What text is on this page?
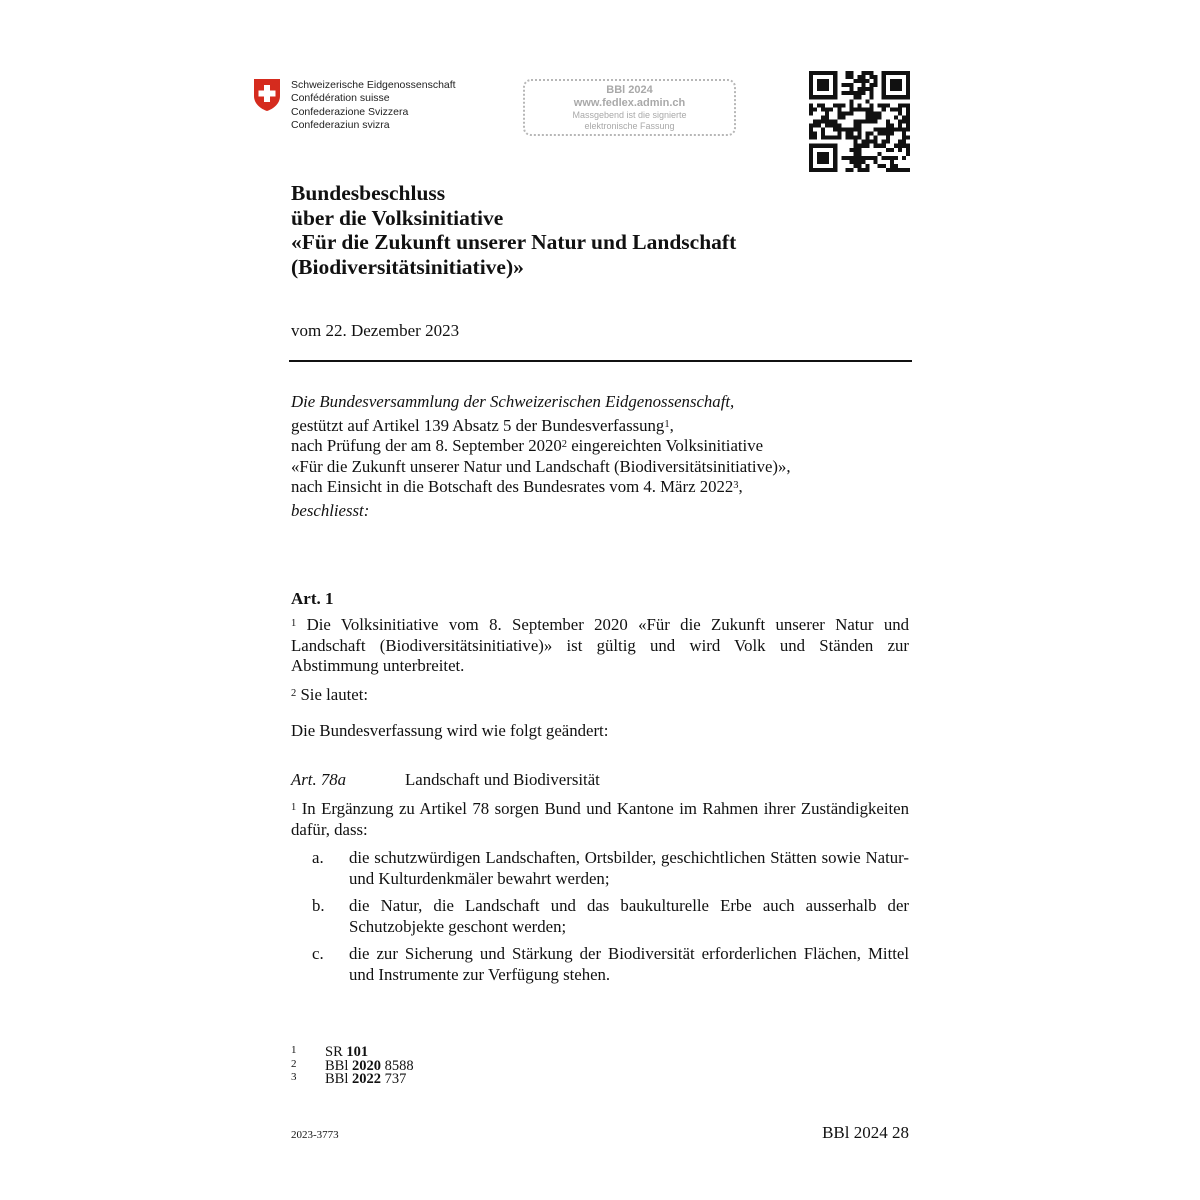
Schweizerische Eidgenossenschaft
Confédération suisse
Confederazione Svizzera
Confederaziun svizra
BBl 2024
www.fedlex.admin.ch
Massgebend ist die signierte
elektronische Fassung
Bundesbeschluss
über die Volksinitiative
«Für die Zukunft unserer Natur und Landschaft
(Biodiversitätsinitiative)»
vom 22. Dezember 2023
Die Bundesversammlung der Schweizerischen Eidgenossenschaft,
gestützt auf Artikel 139 Absatz 5 der Bundesverfassung$^1$,
nach Prüfung der am 8. September 2020$^2$ eingereichten Volksinitiative
«Für die Zukunft unserer Natur und Landschaft (Biodiversitätsinitiative)»,
nach Einsicht in die Botschaft des Bundesrates vom 4. März 2022$^3$,
beschliesst:
Art. 1
$^1$ Die Volksinitiative vom 8. September 2020 «Für die Zukunft unserer Natur und Landschaft (Biodiversitätsinitiative)» ist gültig und wird Volk und Ständen zur Abstimmung unterbreitet.
$^2$ Sie lautet:
Die Bundesverfassung wird wie folgt geändert:
Art. 78a	Landschaft und Biodiversität
$^1$ In Ergänzung zu Artikel 78 sorgen Bund und Kantone im Rahmen ihrer Zuständigkeiten dafür, dass:
a. die schutzwürdigen Landschaften, Ortsbilder, geschichtlichen Stätten sowie Natur- und Kulturdenkmäler bewahrt werden;
b. die Natur, die Landschaft und das baukulturelle Erbe auch ausserhalb der Schutzobjekte geschont werden;
c. die zur Sicherung und Stärkung der Biodiversität erforderlichen Flächen, Mittel und Instrumente zur Verfügung stehen.
1 SR 101
2 BBl 2020 8588
3 BBl 2022 737
2023-3773	BBl 2024 28
